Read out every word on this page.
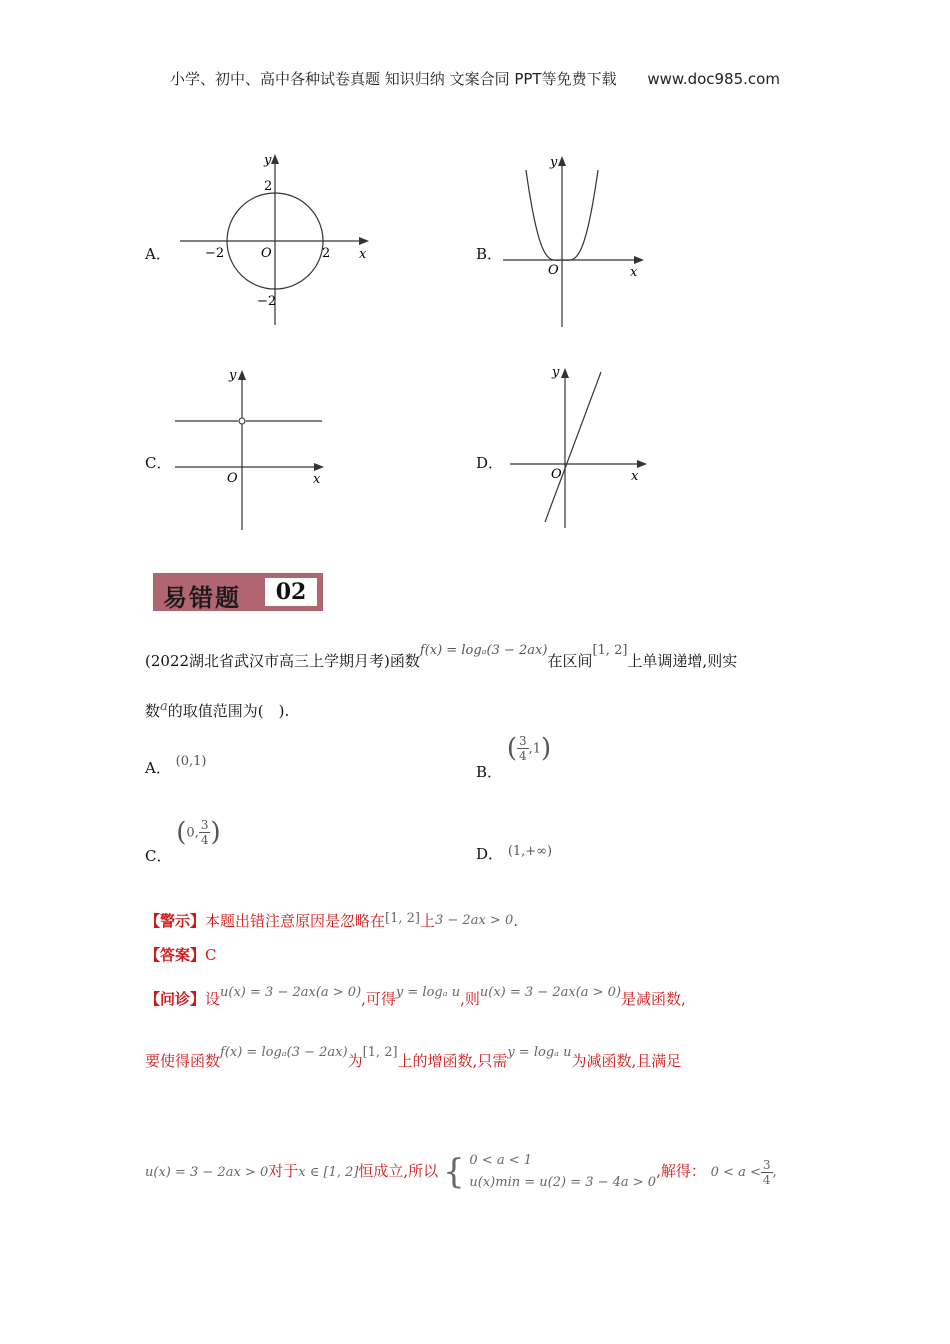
小学、初中、高中各种试卷真题 知识归纳 文案合同 PPT等免费下载 www.doc985.com
A．
y
x
O
2
−2
2
−2	B．
y
x
O
C．
y
x
O
D．
y
x
O
易错题	02
(2022湖北省武汉市高三上学期月考)函数f(x) = logₐ(3 − 2ax)在区间[1, 2]上单调递增,则实
数a的取值范围为(　).
A． (0,1)
B． ( $\frac{3}{4} ,1$)
C． (0, $\frac{3}{4}$ )
D． (1,+∞)
【警示】本题出错注意原因是忽略在[1, 2]上3 − 2ax > 0.
【答案】C
【问诊】设u(x) = 3 − 2ax(a > 0),可得y = logₐ u,则u(x) = 3 − 2ax(a > 0)是减函数,
要使得函数f(x) = logₐ(3 − 2ax)为[1, 2]上的增函数,只需y = logₐ u为减函数,且满足
u(x) = 3 − 2ax > 0对于x ∈ [1, 2]恒成立,所以 { 0 < a < 1
u(x)min = u(2) = 3 − 4a > 0
,解得： $0 < a < \frac{3}{4}$ ,
